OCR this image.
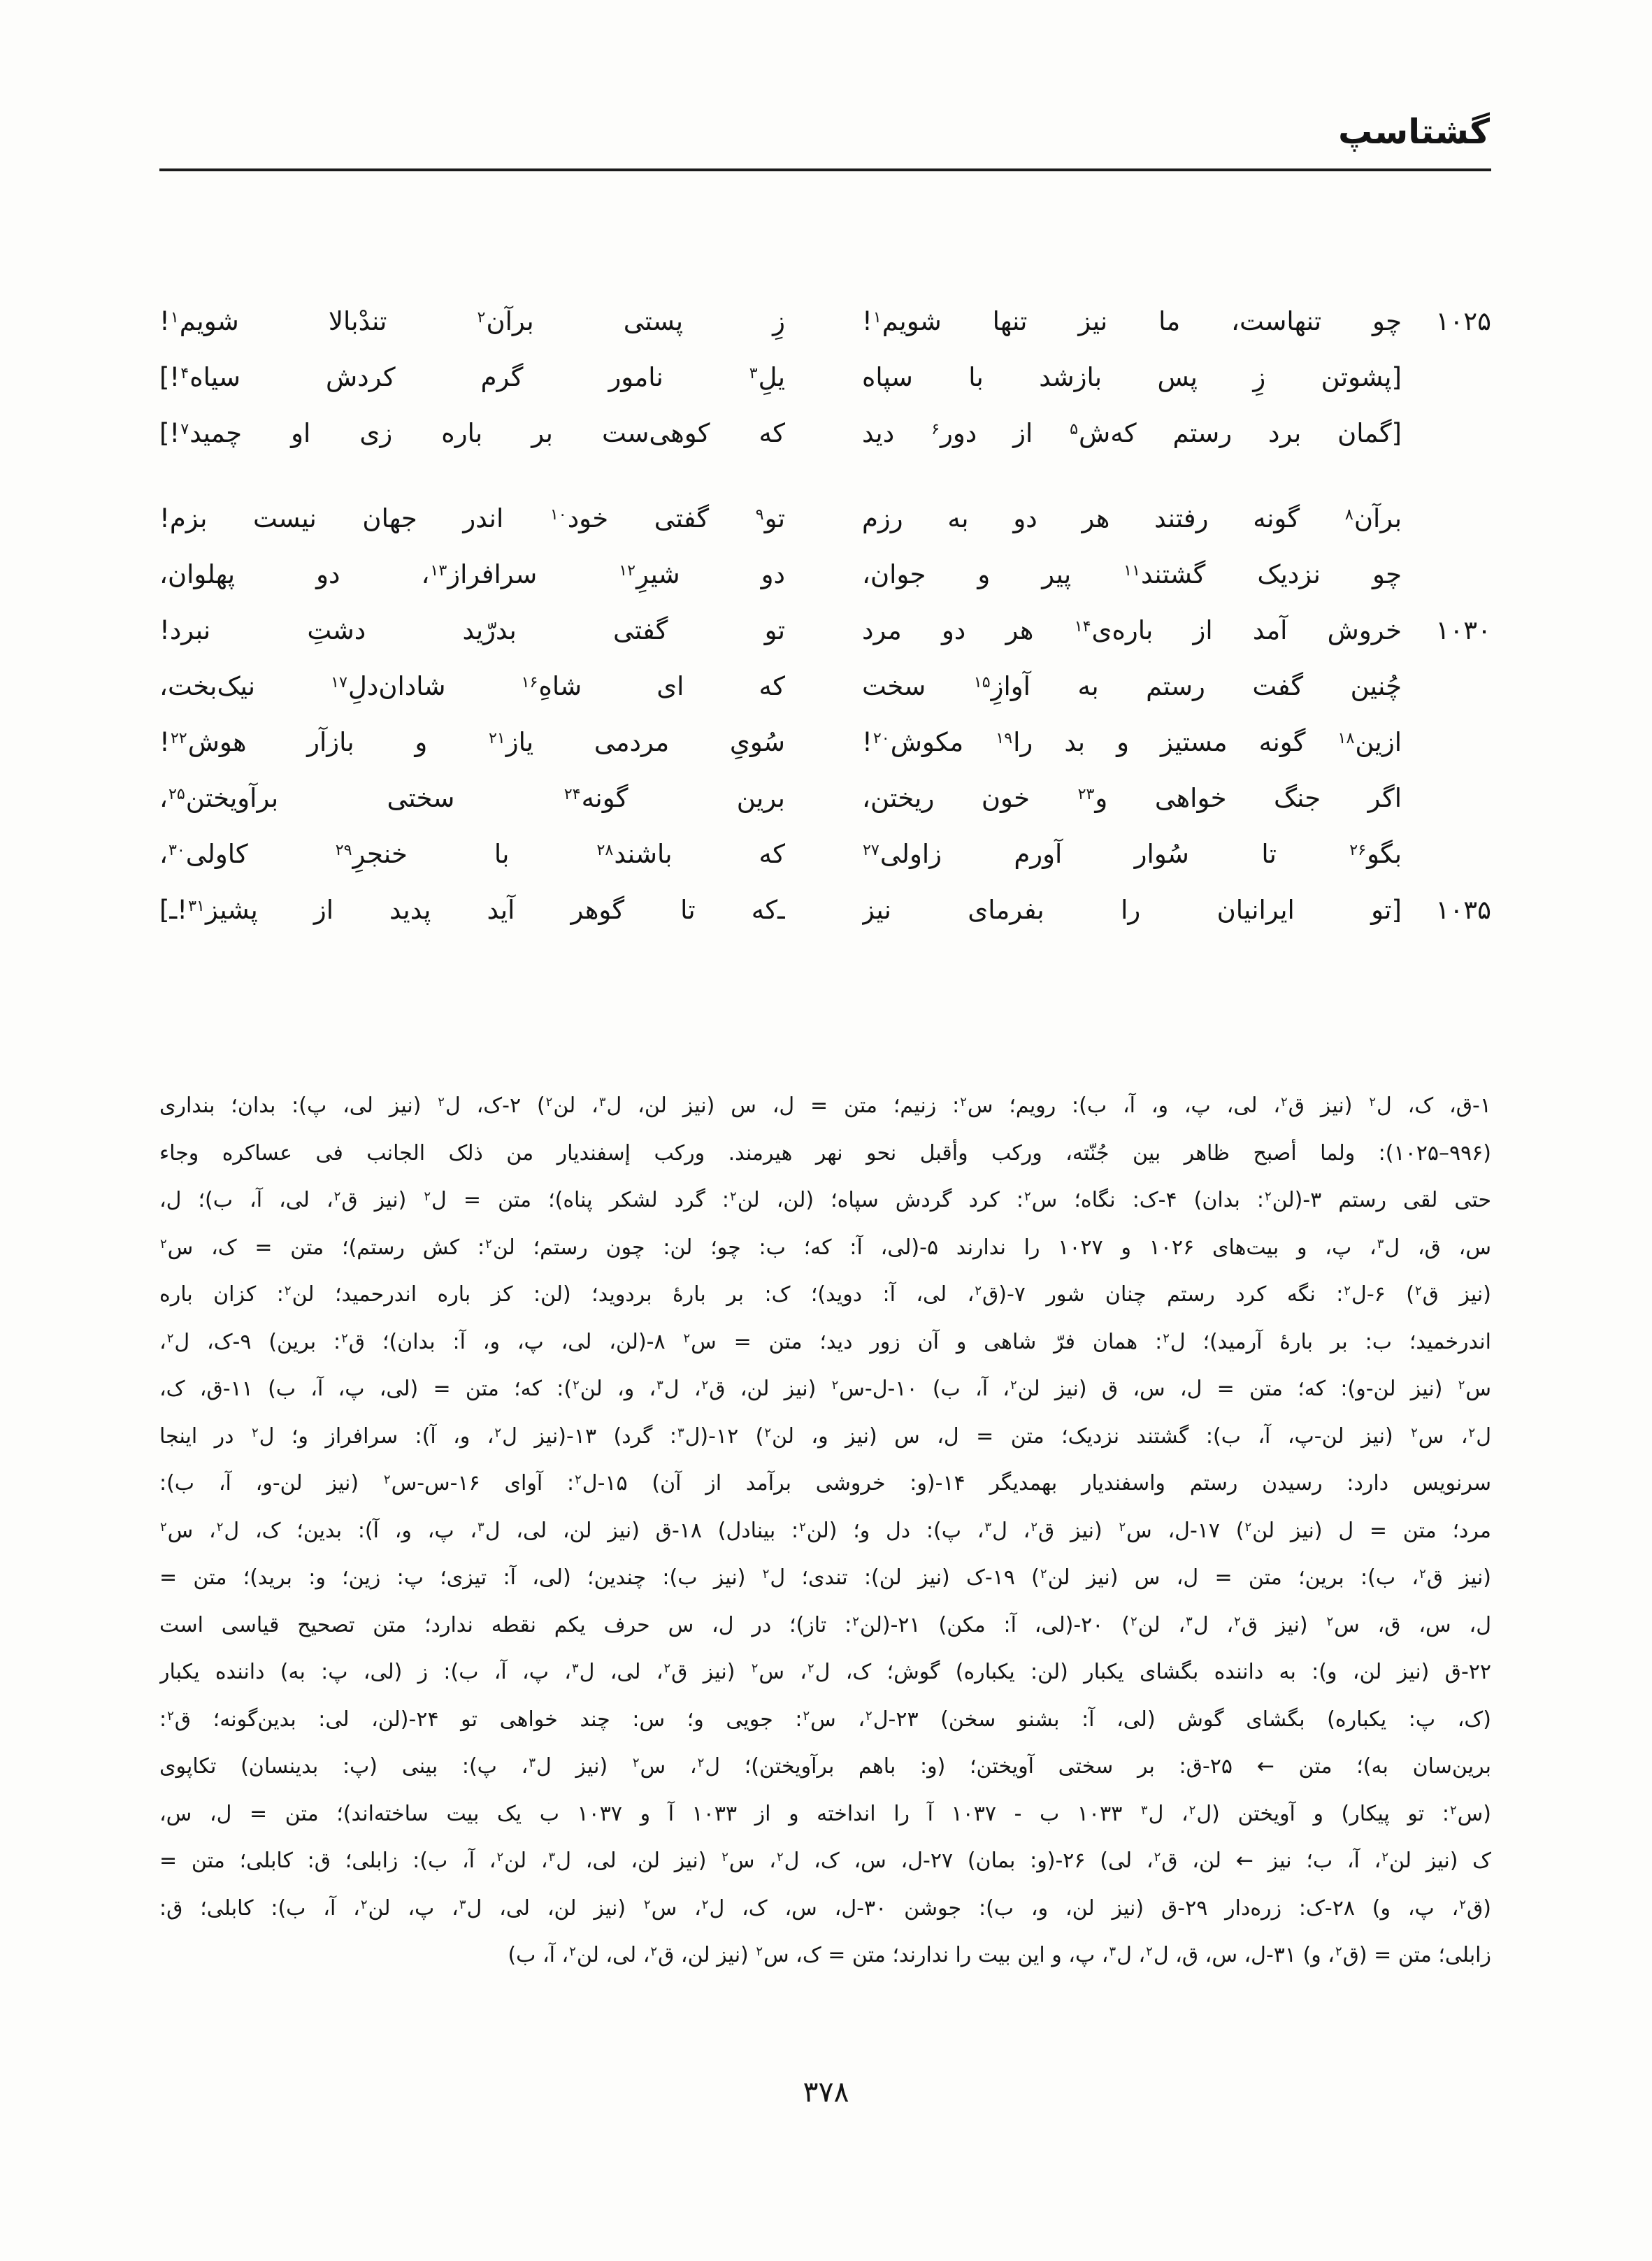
گشتاسپ
۱۰۲۵
چو تنهاست، ما نیز تنها شویم$^۱$!
زِ پستی برآن$^۲$ تندْبالا شویم$^۱$!
[پشوتن زِ پس بازشد با سپاه
یلِ$^۳$ نامور گرم کردش سیاه$^۴$!]
[گمان برد رستم که‌ش$^۵$ از دور$^۶$ دید
که کوهی‌ست بر باره زی او چمید$^۷$!]
برآن$^۸$ گونه رفتند هر دو به رزم
تو$^۹$ گفتی خود$^{۱۰}$ اندر جهان نیست بزم!
چو نزدیک گشتند$^{۱۱}$ پیر و جوان،
دو شیرِ$^{۱۲}$ سرافراز$^{۱۳}$، دو پهلوان،
۱۰۳۰
خروش آمد از باره‌ی$^{۱۴}$ هر دو مرد
تو گفتی بدرّید دشتِ نبرد!
چُنین گفت رستم به آوازِ$^{۱۵}$ سخت
که ای شاهِ$^{۱۶}$ شادان‌دلِ$^{۱۷}$ نیک‌بخت،
ازین$^{۱۸}$ گونه مستیز و بد را$^{۱۹}$ مکوش$^{۲۰}$!
سُویِ مردمی یاز$^{۲۱}$ و بازآر هوش$^{۲۲}$!
اگر جنگ خواهی و$^{۲۳}$ خون ریختن،
برین گونه$^{۲۴}$ سختی برآویختن$^{۲۵}$،
بگو$^{۲۶}$ تا سُوار آورم زاولی$^{۲۷}$
که باشند$^{۲۸}$ با خنجرِ$^{۲۹}$ کاولی$^{۳۰}$،
۱۰۳۵
[تو ایرانیان را بفرمای نیز
ـ‌که تا گوهر آید پدید از پشیز$^{۳۱}$!ـ]
۱-ق، ک، ل$^۲$ (نیز ق$^۲$، لی، پ، و، آ، ب): رویم؛ س$^۲$: زنیم؛ متن = ل، س (نیز لن، ل$^۳$، لن$^۲$) ۲-ک، ل$^۲$ (نیز لی، پ): بدان؛ بنداری
(۹۹۶–۱۰۲۵): ولما أصبح ظاهر بین جُنّته، ورکب وأقبل نحو نهر هیرمند. ورکب إسفندیار من ذلک الجانب فی عساکره وجاء
حتی لقی رستم ۳-(لن$^۲$: بدان) ۴-ک: نگاه؛ س$^۲$: کرد گردش سپاه؛ (لن، لن$^۲$: گرد لشکر پناه)؛ متن = ل$^۲$ (نیز ق$^۲$، لی، آ، ب)؛ ل،
س، ق، ل$^۳$، پ، و بیت‌های ۱۰۲۶ و ۱۰۲۷ را ندارند ۵-(لی، آ: که؛ ب: چو؛ لن: چون رستم؛ لن$^۲$: کش رستم)؛ متن = ک، س$^۲$
(نیز ق$^۲$) ۶-ل$^۲$: نگه کرد رستم چنان شور ۷-(ق$^۲$، لی، آ: دوید)؛ ک: بر بارهٔ بردوید؛ (لن: کز باره اندرحمید؛ لن$^۲$: کزان باره
اندرخمید؛ ب: بر بارهٔ آرمید)؛ ل$^۲$: همان فرّ شاهی و آن زور دید؛ متن = س$^۲$ ۸-(لن، لی، پ، و، آ: بدان)؛ ق$^۲$: برین) ۹-ک، ل$^۲$،
س$^۲$ (نیز لن-و): که؛ متن = ل، س، ق (نیز لن$^۲$، آ، ب) ۱۰-ل-س$^۲$ (نیز لن، ق$^۲$، ل$^۳$، و، لن$^۲$): که؛ متن = (لی، پ، آ، ب) ۱۱-ق، ک،
ل$^۲$، س$^۲$ (نیز لن-پ، آ، ب): گشتند نزدیک؛ متن = ل، س (نیز و، لن$^۲$) ۱۲-(ل$^۳$: گرد) ۱۳-(نیز ل$^۲$، و، آ): سرافراز و؛ ل$^۲$ در اینجا
سرنویس دارد: رسیدن رستم واسفندیار بهمدیگر ۱۴-(و: خروشی برآمد از آن) ۱۵-ل$^۲$: آوای ۱۶-س-س$^۲$ (نیز لن-و، آ، ب):
مرد؛ متن = ل (نیز لن$^۲$) ۱۷-ل، س$^۲$ (نیز ق$^۲$، ل$^۳$، پ): دل و؛ (لن$^۲$: بینادل) ۱۸-ق (نیز لن، لی، ل$^۳$، پ، و، آ): بدین؛ ک، ل$^۲$، س$^۲$
(نیز ق$^۲$، ب): برین؛ متن = ل، س (نیز لن$^۲$) ۱۹-ک (نیز لن): تندی؛ ل$^۲$ (نیز ب): چندین؛ (لی، آ: تیزی؛ پ: زین؛ و: برید)؛ متن =
ل، س، ق، س$^۲$ (نیز ق$^۲$، ل$^۳$، لن$^۲$) ۲۰-(لی، آ: مکن) ۲۱-(لن$^۲$: تاز)؛ در ل، س حرف یکم نقطه ندارد؛ متن تصحیح قیاسی است
۲۲-ق (نیز لن، و): به داننده بگشای یکبار (لن: یکباره) گوش؛ ک، ل$^۲$، س$^۲$ (نیز ق$^۲$، لی، ل$^۳$، پ، آ، ب): ز (لی، پ: به) داننده یکبار
(ک، پ: یکباره) بگشای گوش (لی، آ: بشنو سخن) ۲۳-ل$^۲$، س$^۲$: جویی و؛ س: چند خواهی تو ۲۴-(لن، لی: بدین‌گونه؛ ق$^۲$:
برین‌سان به)؛ متن ← ۲۵-ق: بر سختی آویختن؛ (و: باهم برآویختن)؛ ل$^۲$، س$^۲$ (نیز ل$^۳$، پ): بینی (پ: بدینسان) تکاپوی
(س$^۲$: تو پیکار) و آویختن (ل$^۲$، ل$^۳$ ۱۰۳۳ ب - ۱۰۳۷ آ را انداخته و از ۱۰۳۳ آ و ۱۰۳۷ ب یک بیت ساخته‌اند)؛ متن = ل، س،
ک (نیز لن$^۲$، آ، ب؛ نیز ← لن، ق$^۲$، لی) ۲۶-(و: بمان) ۲۷-ل، س، ک، ل$^۲$، س$^۲$ (نیز لن، لی، ل$^۳$، لن$^۲$، آ، ب): زابلی؛ ق: کابلی؛ متن =
(ق$^۲$، پ، و) ۲۸-ک: زره‌دار ۲۹-ق (نیز لن، و، ب): جوشن ۳۰-ل، س، ک، ل$^۲$، س$^۲$ (نیز لن، لی، ل$^۳$، پ، لن$^۲$، آ، ب): کابلی؛ ق:
زابلی؛ متن = (ق$^۲$، و) ۳۱-ل، س، ق، ل$^۲$، ل$^۳$، پ، و این بیت را ندارند؛ متن = ک، س$^۲$ (نیز لن، ق$^۲$، لی، لن$^۲$، آ، ب)
۳۷۸
